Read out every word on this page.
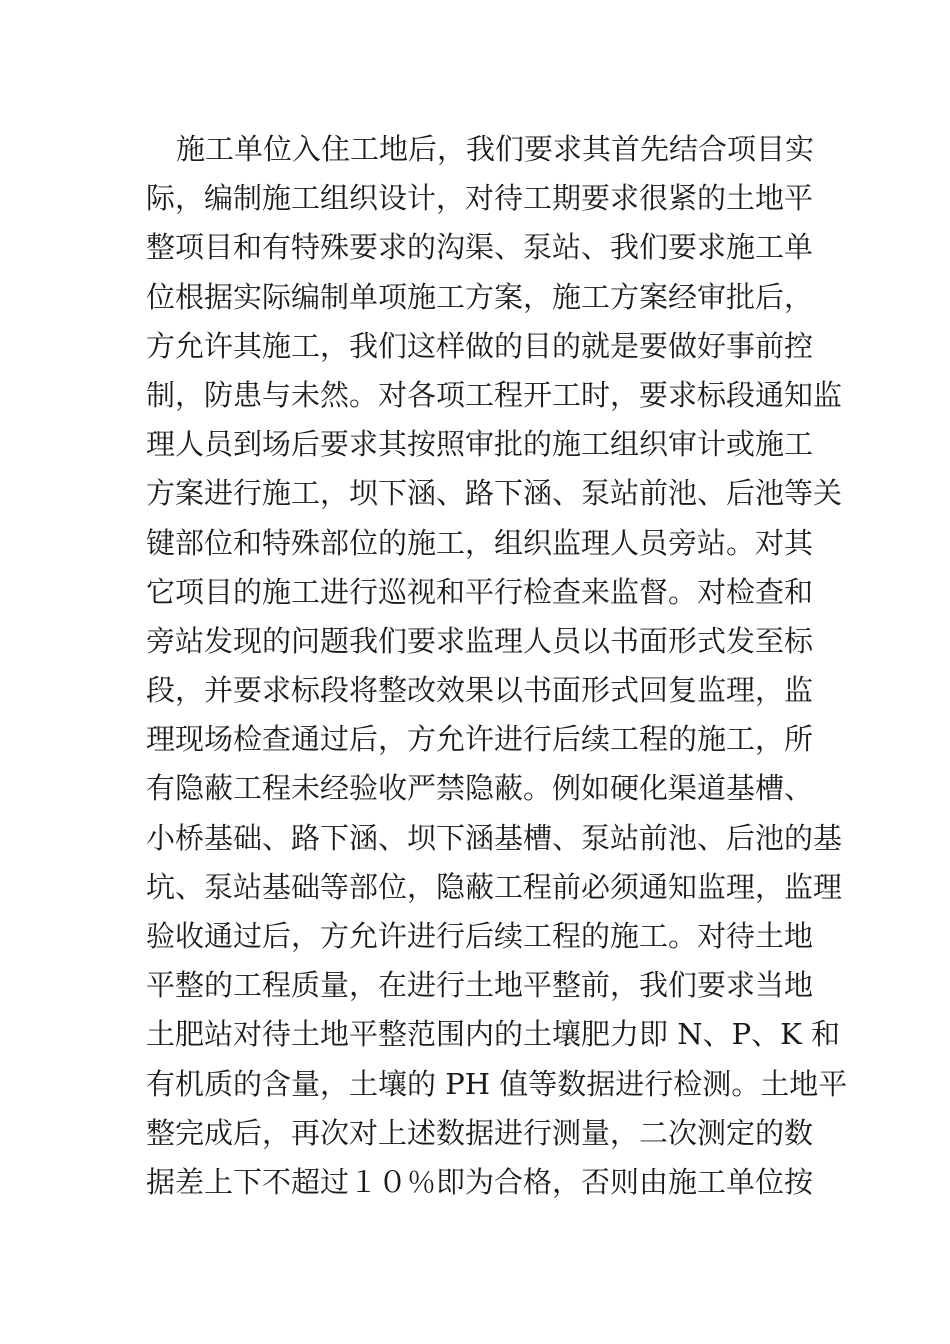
施工单位入住工地后，我们要求其首先结合项目实
际，编制施工组织设计，对待工期要求很紧的土地平
整项目和有特殊要求的沟渠、泵站、我们要求施工单
位根据实际编制单项施工方案，施工方案经审批后，
方允许其施工，我们这样做的目的就是要做好事前控
制，防患与未然。对各项工程开工时，要求标段通知监
理人员到场后要求其按照审批的施工组织审计或施工
方案进行施工，坝下涵、路下涵、泵站前池、后池等关
键部位和特殊部位的施工，组织监理人员旁站。对其
它项目的施工进行巡视和平行检查来监督。对检查和
旁站发现的问题我们要求监理人员以书面形式发至标
段，并要求标段将整改效果以书面形式回复监理，监
理现场检查通过后，方允许进行后续工程的施工，所
有隐蔽工程未经验收严禁隐蔽。例如硬化渠道基槽、
小桥基础、路下涵、坝下涵基槽、泵站前池、后池的基
坑、泵站基础等部位，隐蔽工程前必须通知监理，监理
验收通过后，方允许进行后续工程的施工。对待土地
平整的工程质量，在进行土地平整前，我们要求当地
土肥站对待土地平整范围内的土壤肥力即 N、P、K 和
有机质的含量，土壤的 PH 值等数据进行检测。土地平
整完成后，再次对上述数据进行测量，二次测定的数
据差上下不超过１０％即为合格，否则由施工单位按
